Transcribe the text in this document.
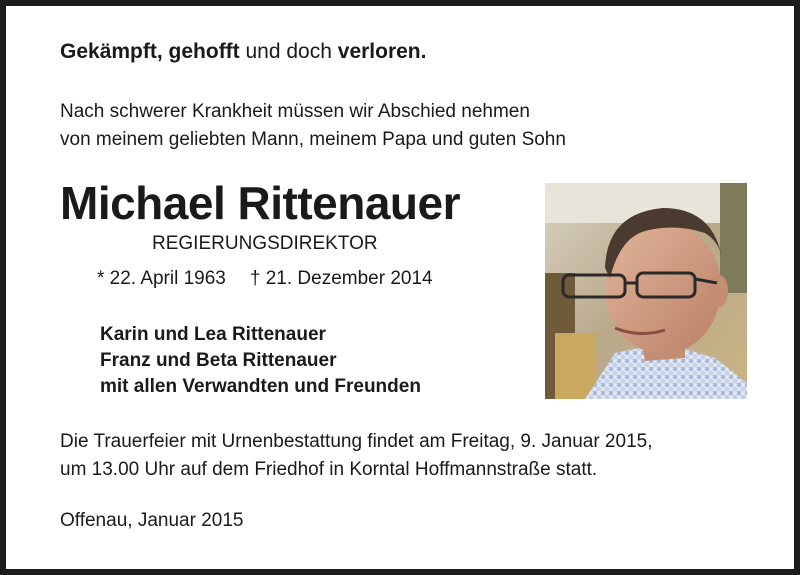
Gekämpft, gehofft und doch verloren.
Nach schwerer Krankheit müssen wir Abschied nehmen
von meinem geliebten Mann, meinem Papa und guten Sohn
Michael Rittenauer
REGIERUNGSDIREKTOR
* 22. April 1963 † 21. Dezember 2014
Karin und Lea Rittenauer
Franz und Beta Rittenauer
mit allen Verwandten und Freunden
Die Trauerfeier mit Urnenbestattung findet am Freitag, 9. Januar 2015,
um 13.00 Uhr auf dem Friedhof in Korntal Hoffmannstraße statt.
Offenau, Januar 2015
